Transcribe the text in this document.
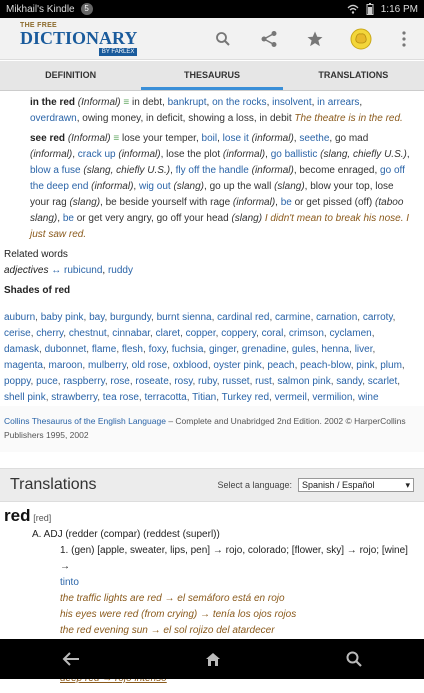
Mikhail's Kindle	5	1:16 PM
THE FREE
DICTIONARY
BY FARLEX
DEFINITION	THESAURUS	TRANSLATIONS

in the red (Informal) ≡ in debt, bankrupt, on the rocks, insolvent, in arrears, overdrawn, owing money, in deficit, showing a loss, in debit The theatre is in the red.

see red (Informal) ≡ lose your temper, boil, lose it (informal), seethe, go mad (informal), crack up (informal), lose the plot (informal), go ballistic (slang, chiefly U.S.), blow a fuse (slang, chiefly U.S.), fly off the handle (informal), become enraged, go off the deep end (informal), wig out (slang), go up the wall (slang), blow your top, lose your rag (slang), be beside yourself with rage (informal), be or get pissed (off) (taboo slang), be or get very angry, go off your head (slang) I didn't mean to break his nose. I just saw red.

Related words
adjectives ↔ rubicund, ruddy
Shades of red
auburn, baby pink, bay, burgundy, burnt sienna, cardinal red, carmine, carnation, carroty, cerise, cherry, chestnut, cinnabar, claret, copper, coppery, coral, crimson, cyclamen, damask, dubonnet, flame, flesh, foxy, fuchsia, ginger, grenadine, gules, henna, liver, magenta, maroon, mulberry, old rose, oxblood, oyster pink, peach, peach-blow, pink, plum, poppy, puce, raspberry, rose, roseate, rosy, ruby, russet, rust, salmon pink, sandy, scarlet, shell pink, strawberry, tea rose, terracotta, Titian, Turkey red, vermeil, vermilion, wine
Collins Thesaurus of the English Language – Complete and Unabridged 2nd Edition. 2002 © HarperCollins Publishers 1995, 2002
Translations	Select a language: Spanish / Español	▾
red [red]
A. ADJ (redder (compar) (reddest (superl))
1. (gen) [apple, sweater, lips, pen] → rojo, colorado; [flower, sky] → rojo; [wine] →
tinto
the traffic lights are red → el semáforo está en rojo
his eyes were red (from crying) → tenía los ojos rojos
the red evening sun → el sol rojizo del atardecer
